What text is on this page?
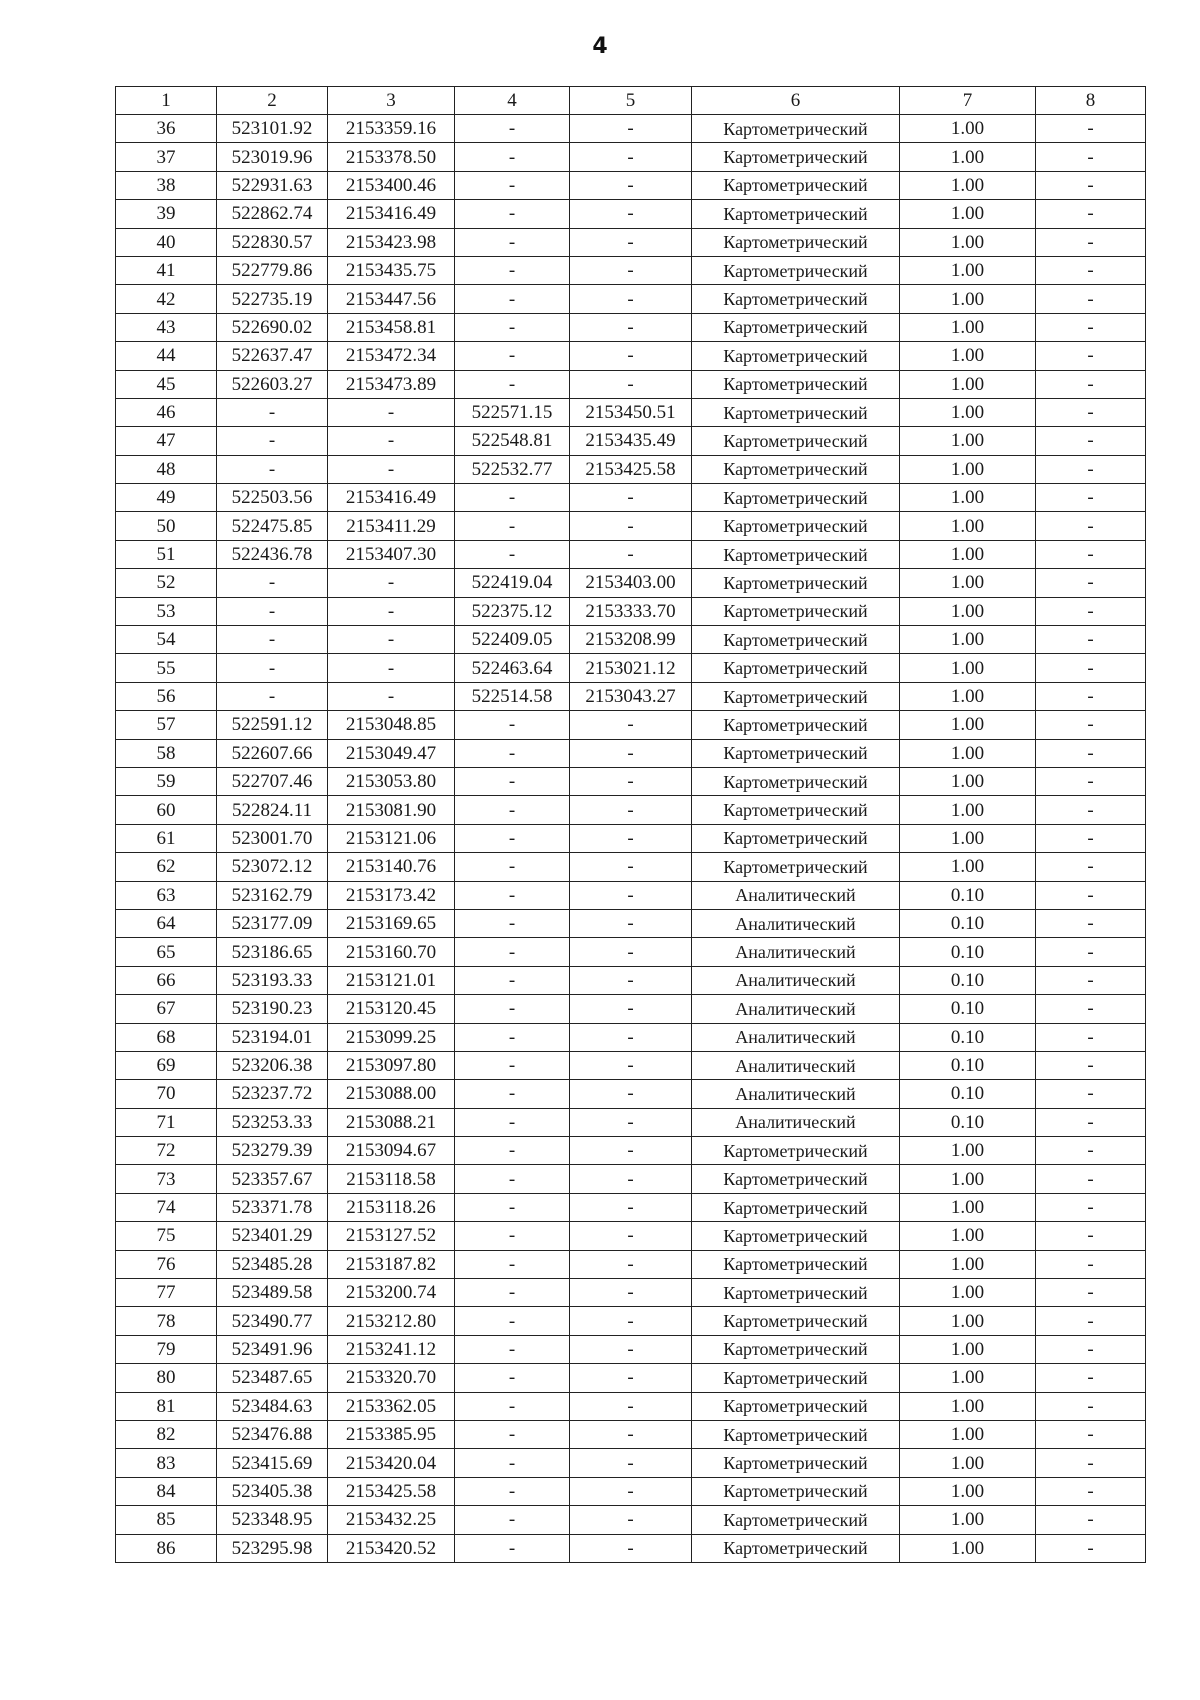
4
1	2	3	4	5	6	7	8
36	523101.92	2153359.16	-	-	Картометрический	1.00	-
37	523019.96	2153378.50	-	-	Картометрический	1.00	-
38	522931.63	2153400.46	-	-	Картометрический	1.00	-
39	522862.74	2153416.49	-	-	Картометрический	1.00	-
40	522830.57	2153423.98	-	-	Картометрический	1.00	-
41	522779.86	2153435.75	-	-	Картометрический	1.00	-
42	522735.19	2153447.56	-	-	Картометрический	1.00	-
43	522690.02	2153458.81	-	-	Картометрический	1.00	-
44	522637.47	2153472.34	-	-	Картометрический	1.00	-
45	522603.27	2153473.89	-	-	Картометрический	1.00	-
46	-	-	522571.15	2153450.51	Картометрический	1.00	-
47	-	-	522548.81	2153435.49	Картометрический	1.00	-
48	-	-	522532.77	2153425.58	Картометрический	1.00	-
49	522503.56	2153416.49	-	-	Картометрический	1.00	-
50	522475.85	2153411.29	-	-	Картометрический	1.00	-
51	522436.78	2153407.30	-	-	Картометрический	1.00	-
52	-	-	522419.04	2153403.00	Картометрический	1.00	-
53	-	-	522375.12	2153333.70	Картометрический	1.00	-
54	-	-	522409.05	2153208.99	Картометрический	1.00	-
55	-	-	522463.64	2153021.12	Картометрический	1.00	-
56	-	-	522514.58	2153043.27	Картометрический	1.00	-
57	522591.12	2153048.85	-	-	Картометрический	1.00	-
58	522607.66	2153049.47	-	-	Картометрический	1.00	-
59	522707.46	2153053.80	-	-	Картометрический	1.00	-
60	522824.11	2153081.90	-	-	Картометрический	1.00	-
61	523001.70	2153121.06	-	-	Картометрический	1.00	-
62	523072.12	2153140.76	-	-	Картометрический	1.00	-
63	523162.79	2153173.42	-	-	Аналитический	0.10	-
64	523177.09	2153169.65	-	-	Аналитический	0.10	-
65	523186.65	2153160.70	-	-	Аналитический	0.10	-
66	523193.33	2153121.01	-	-	Аналитический	0.10	-
67	523190.23	2153120.45	-	-	Аналитический	0.10	-
68	523194.01	2153099.25	-	-	Аналитический	0.10	-
69	523206.38	2153097.80	-	-	Аналитический	0.10	-
70	523237.72	2153088.00	-	-	Аналитический	0.10	-
71	523253.33	2153088.21	-	-	Аналитический	0.10	-
72	523279.39	2153094.67	-	-	Картометрический	1.00	-
73	523357.67	2153118.58	-	-	Картометрический	1.00	-
74	523371.78	2153118.26	-	-	Картометрический	1.00	-
75	523401.29	2153127.52	-	-	Картометрический	1.00	-
76	523485.28	2153187.82	-	-	Картометрический	1.00	-
77	523489.58	2153200.74	-	-	Картометрический	1.00	-
78	523490.77	2153212.80	-	-	Картометрический	1.00	-
79	523491.96	2153241.12	-	-	Картометрический	1.00	-
80	523487.65	2153320.70	-	-	Картометрический	1.00	-
81	523484.63	2153362.05	-	-	Картометрический	1.00	-
82	523476.88	2153385.95	-	-	Картометрический	1.00	-
83	523415.69	2153420.04	-	-	Картометрический	1.00	-
84	523405.38	2153425.58	-	-	Картометрический	1.00	-
85	523348.95	2153432.25	-	-	Картометрический	1.00	-
86	523295.98	2153420.52	-	-	Картометрический	1.00	-
